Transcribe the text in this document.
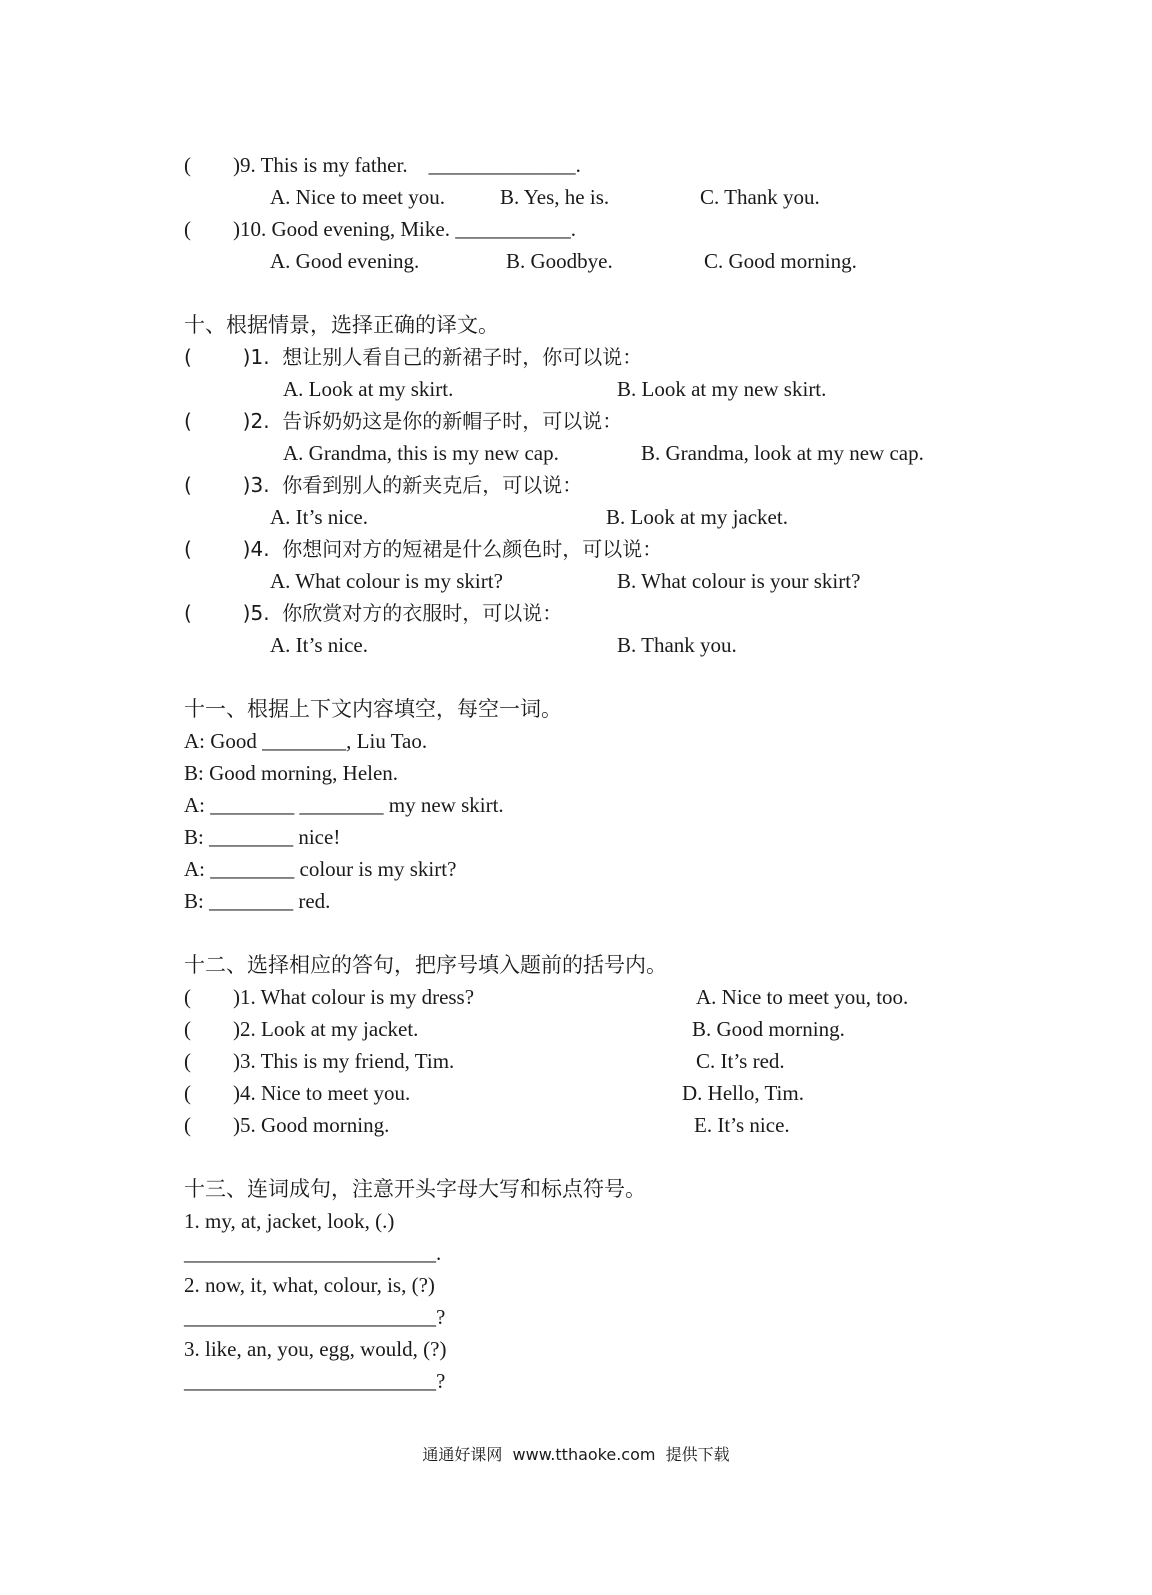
(        )9. This is my father.    ______________.
A. Nice to meet you.	B. Yes, he is.	C. Thank you.
(        )10. Good evening, Mike. ___________.
A. Good evening.	B. Goodbye.	C. Good morning.
十、根据情景，选择正确的译文。
(        )1.  想让别人看自己的新裙子时，你可以说：
A. Look at my skirt.	B. Look at my new skirt.
(        )2.  告诉奶奶这是你的新帽子时，可以说：
A. Grandma, this is my new cap.	B. Grandma, look at my new cap.
(        )3.  你看到别人的新夹克后，可以说：
A. It’s nice.	B. Look at my jacket.
(        )4.  你想问对方的短裙是什么颜色时，可以说：
A. What colour is my skirt?	B. What colour is your skirt?
(        )5.  你欣赏对方的衣服时，可以说：
A. It’s nice.	B. Thank you.
十一、根据上下文内容填空，每空一词。
A: Good ________, Liu Tao.
B: Good morning, Helen.
A: ________ ________ my new skirt.
B: ________ nice!
A: ________ colour is my skirt?
B: ________ red.
十二、选择相应的答句，把序号填入题前的括号内。
(        )1. What colour is my dress?	A. Nice to meet you, too.
(        )2. Look at my jacket.	B. Good morning.
(        )3. This is my friend, Tim.	C. It’s red.
(        )4. Nice to meet you.	D. Hello, Tim.
(        )5. Good morning.	E. It’s nice.
十三、连词成句，注意开头字母大写和标点符号。
1. my, at, jacket, look, (.)
________________________.
2. now, it, what, colour, is, (?)
________________________?
3. like, an, you, egg, would, (?)
________________________?
通通好课网  www.tthaoke.com  提供下载
